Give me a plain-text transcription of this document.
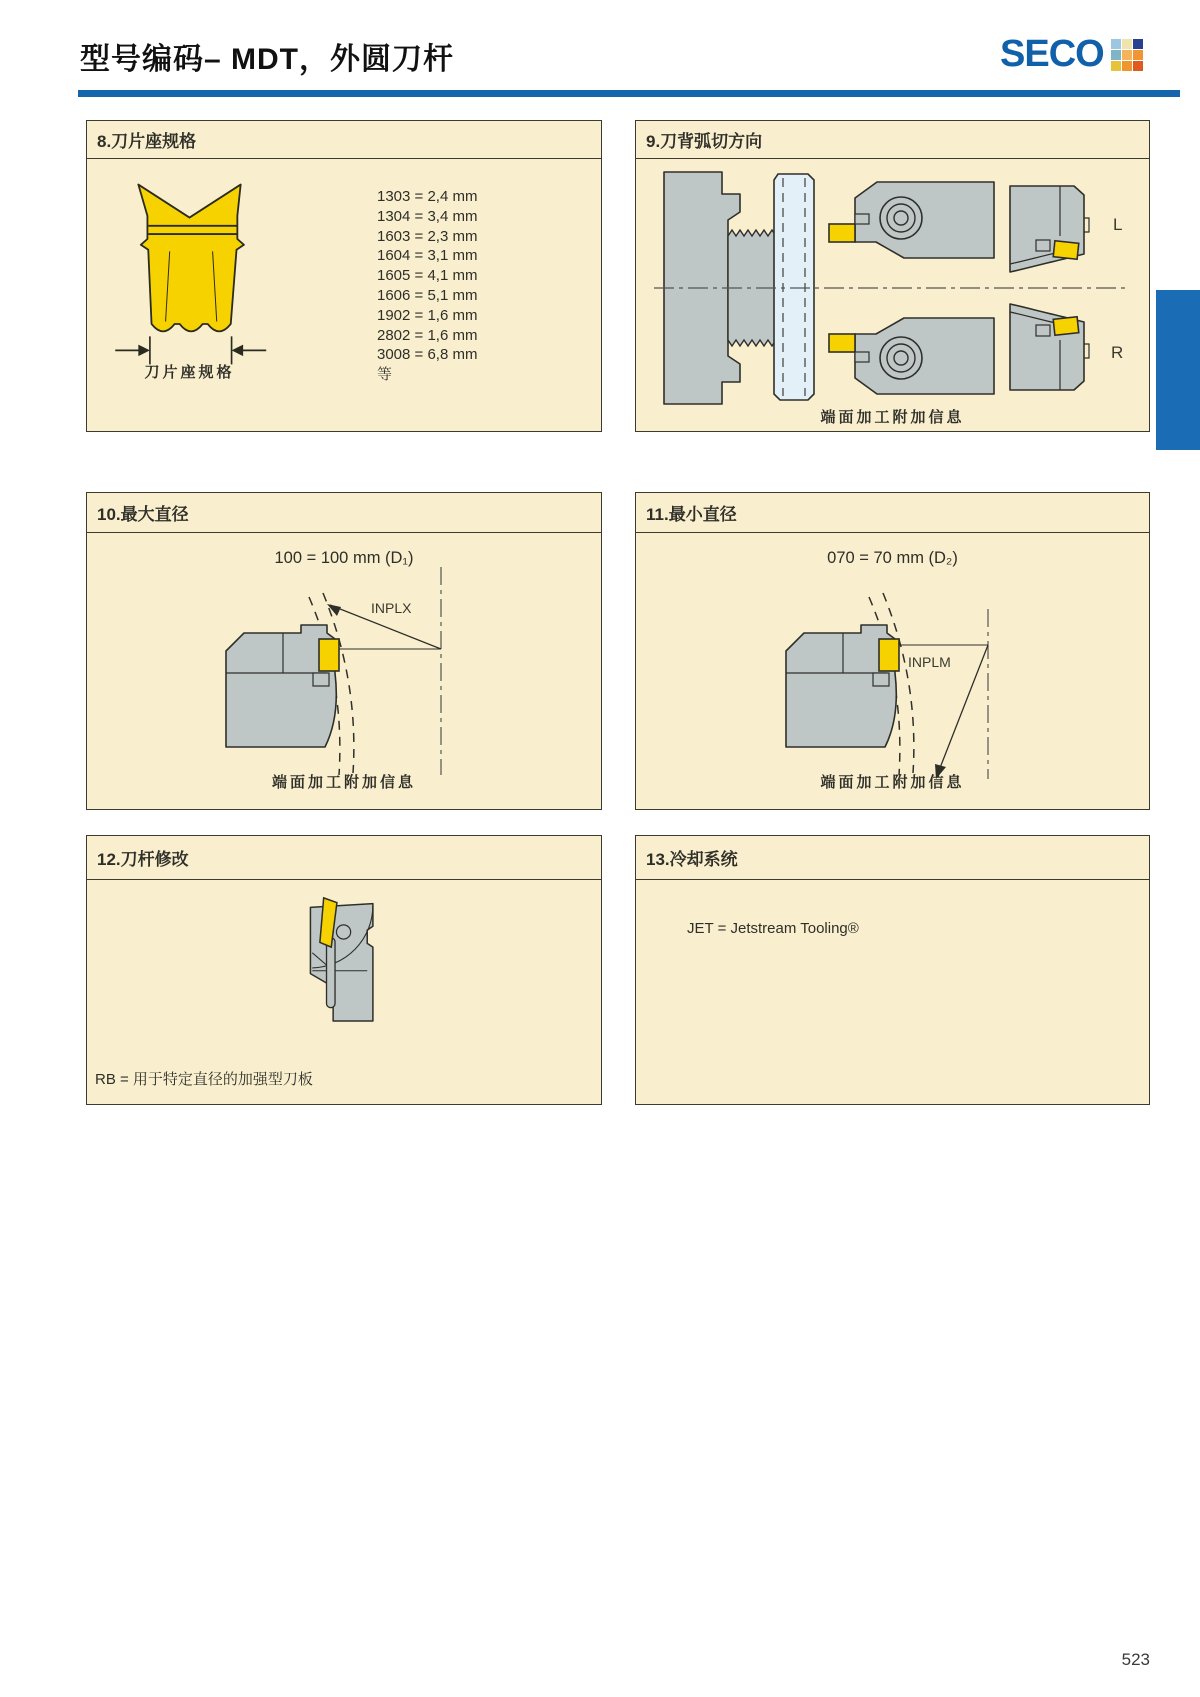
型号编码– MDT，外圆刀杆	SECO
8.刀片座规格
刀片座规格
1303 = 2,4 mm
1304 = 3,4 mm
1603 = 2,3 mm
1604 = 3,1 mm
1605 = 4,1 mm
1606 = 5,1 mm
1902 = 1,6 mm
2802 = 1,6 mm
3008 = 6,8 mm
等
9.刀背弧切方向
L
R
端面加工附加信息
10.最大直径
100 = 100 mm (D₁)
INPLX
端面加工附加信息
11.最小直径
070 = 70 mm (D₂)
INPLM
端面加工附加信息
12.刀杆修改
RB = 用于特定直径的加强型刀板
13.冷却系统
JET = Jetstream Tooling®
523
